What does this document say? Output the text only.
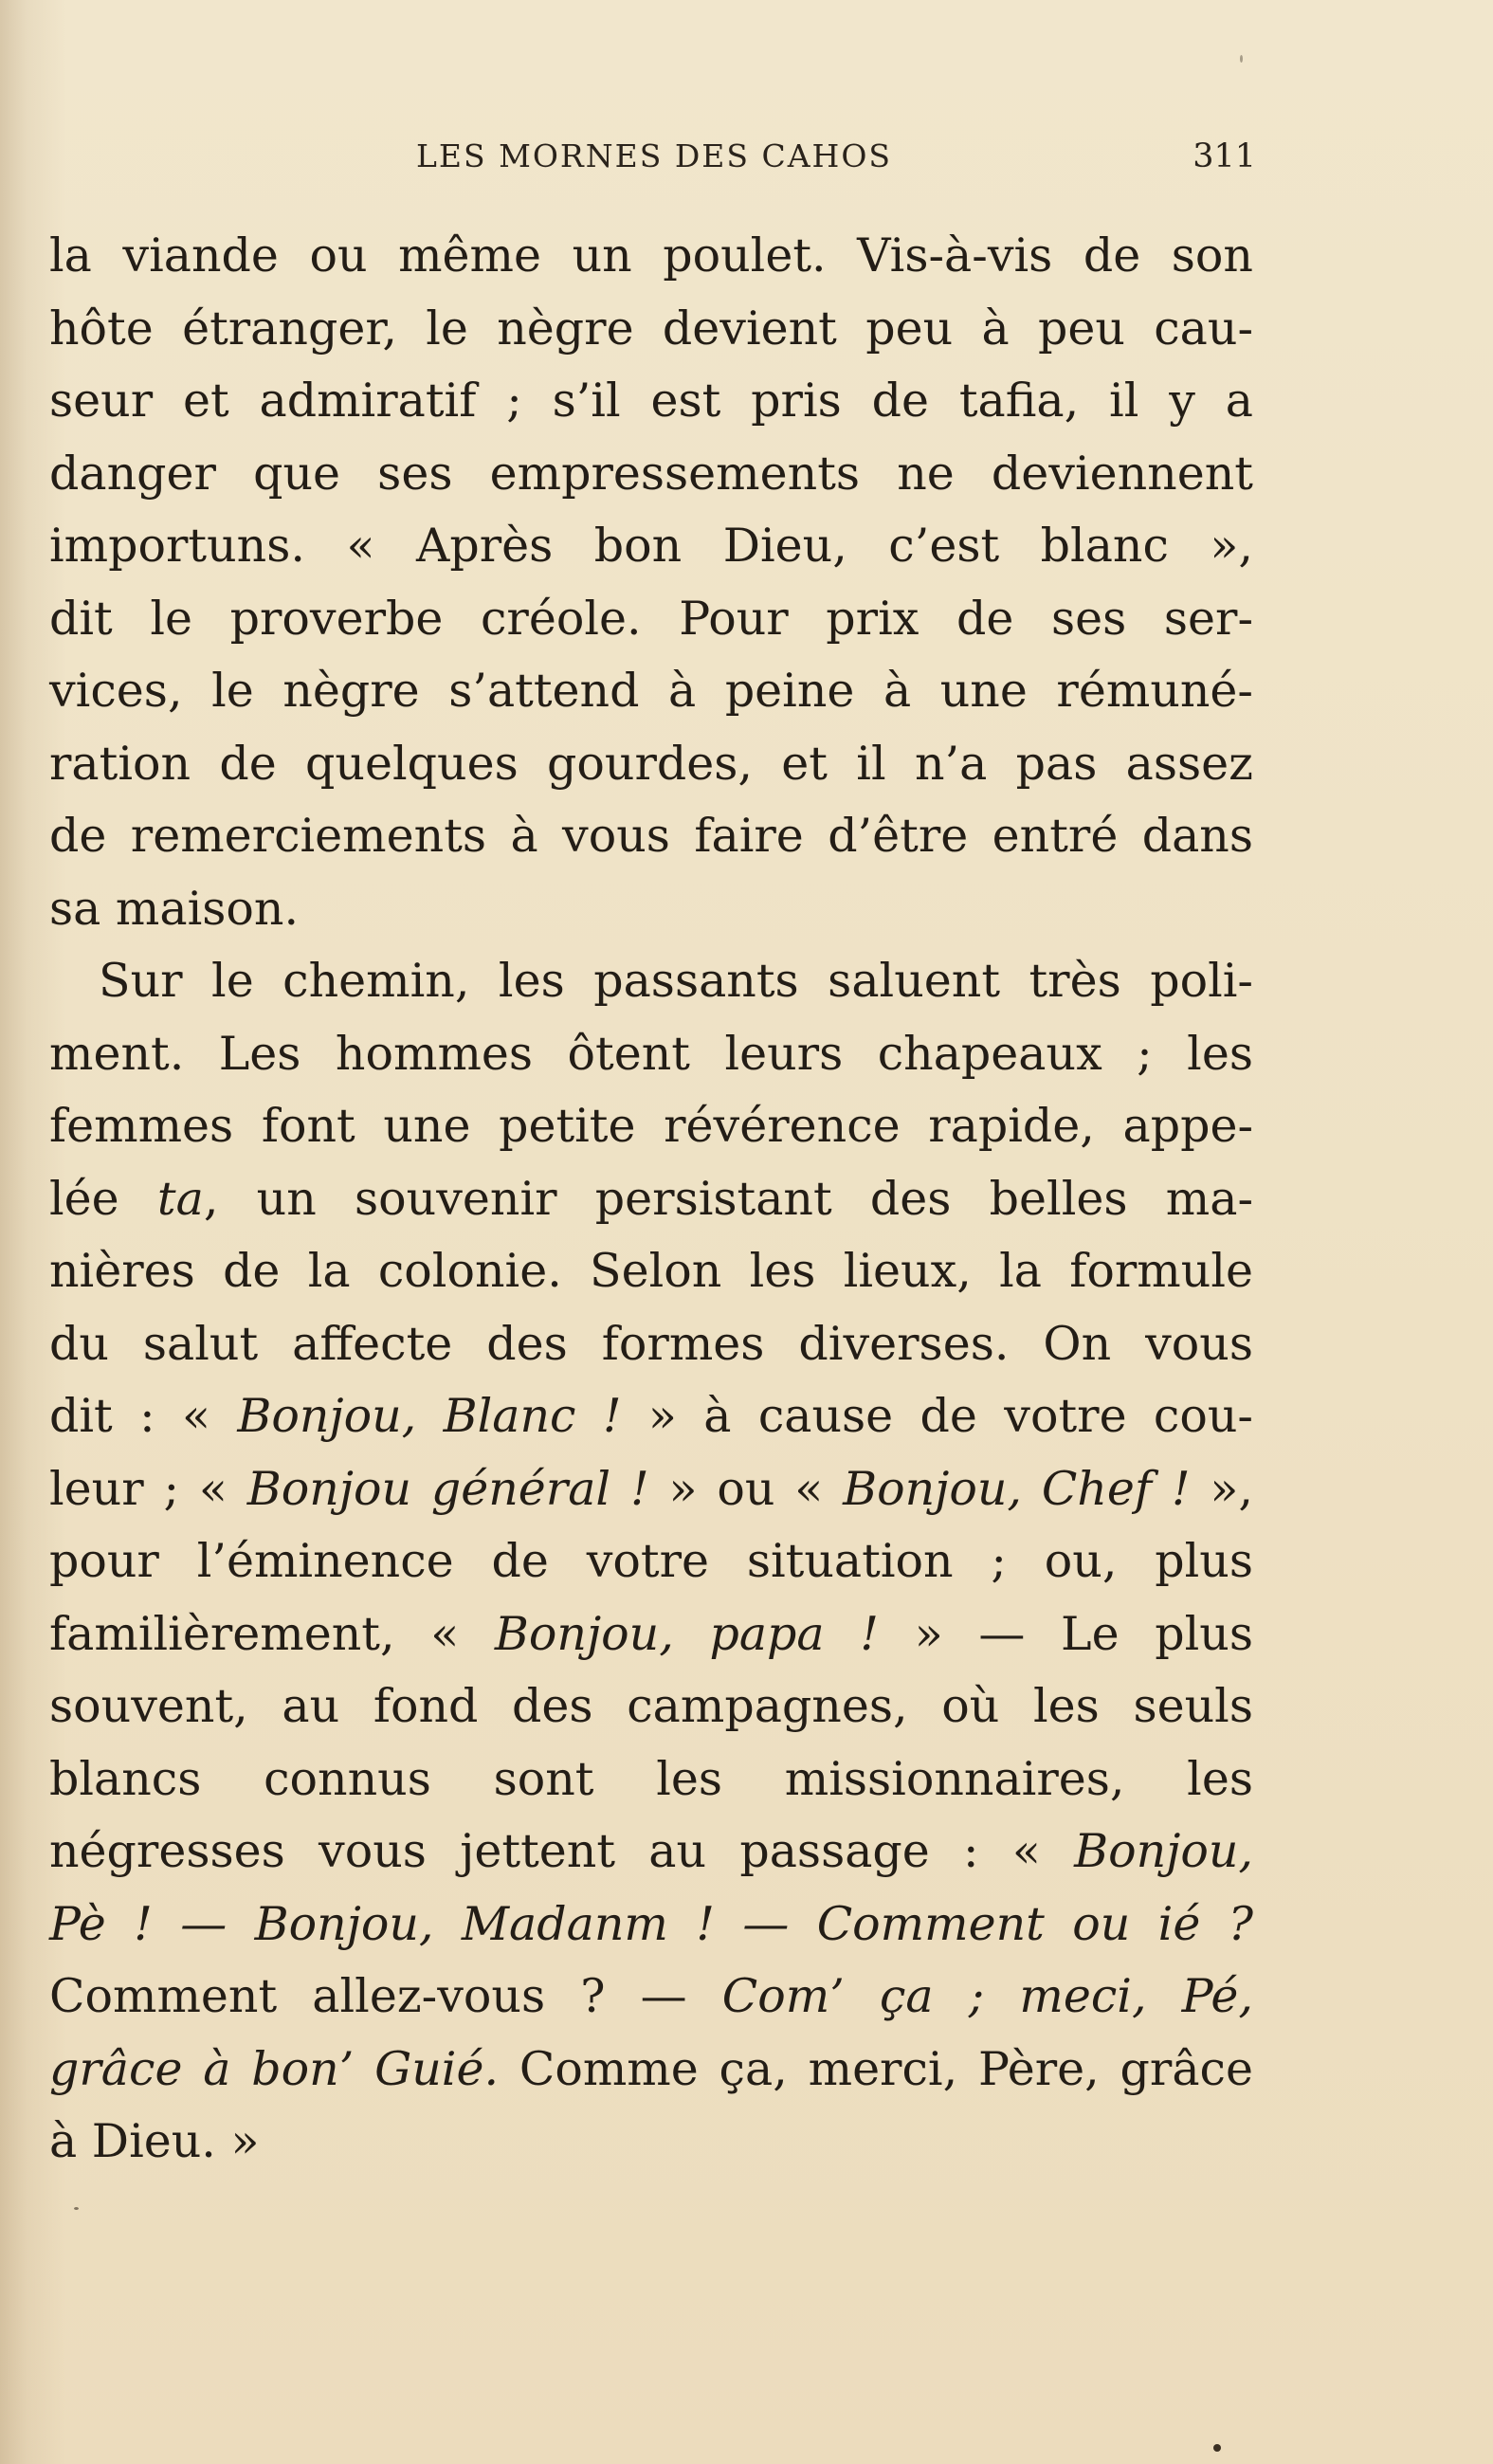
LES MORNES DES CAHOS	311
la viande ou même un poulet. Vis-à-vis de son
hôte étranger, le nègre devient peu à peu cau-
seur et admiratif ; s’il est pris de tafia, il y a
danger que ses empressements ne deviennent
importuns. « Après bon Dieu, c’est blanc »,
dit le proverbe créole. Pour prix de ses ser-
vices, le nègre s’attend à peine à une rémuné-
ration de quelques gourdes, et il n’a pas assez
de remerciements à vous faire d’être entré dans
sa maison.
Sur le chemin, les passants saluent très poli-
ment. Les hommes ôtent leurs chapeaux ; les
femmes font une petite révérence rapide, appe-
lée ta, un souvenir persistant des belles ma-
nières de la colonie. Selon les lieux, la formule
du salut affecte des formes diverses. On vous
dit : « Bonjou, Blanc ! » à cause de votre cou-
leur ; « Bonjou général ! » ou « Bonjou, Chef ! »,
pour l’éminence de votre situation ; ou, plus
familièrement, « Bonjou, papa ! » — Le plus
souvent, au fond des campagnes, où les seuls
blancs connus sont les missionnaires, les
négresses vous jettent au passage : « Bonjou,
Pè ! — Bonjou, Madanm ! — Comment ou ié ?
Comment allez-vous ? — Com’ ça ; meci, Pé,
grâce à bon’ Guié. Comme ça, merci, Père, grâce
à Dieu. »
